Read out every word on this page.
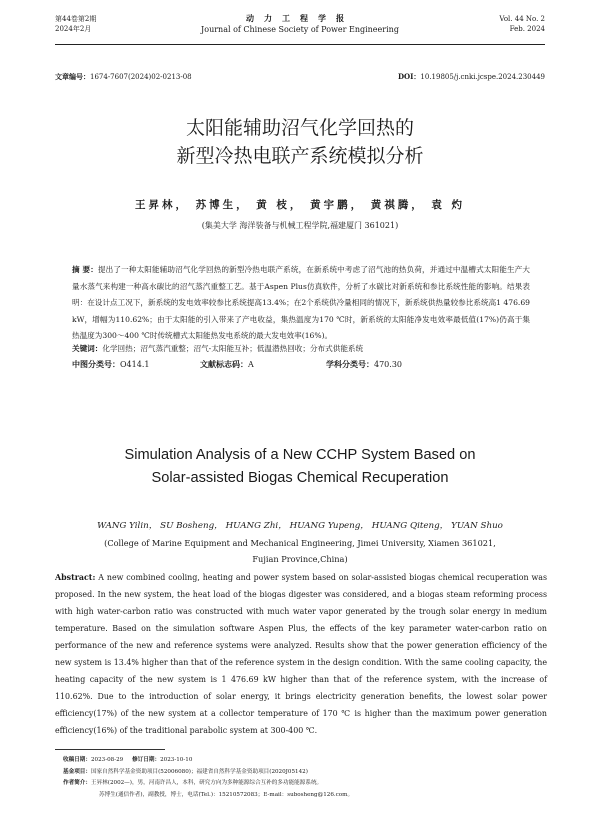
第44卷第2期
2024年2月
动力工程学报
Journal of Chinese Society of Power Engineering
Vol. 44 No. 2
Feb. 2024
文章编号：1674-7607(2024)02-0213-08	DOI：10.19805/j.cnki.jcspe.2024.230449
太阳能辅助沼气化学回热的
新型冷热电联产系统模拟分析
王昇林， 苏博生， 黄 枝， 黄宇鹏， 黄祺腾， 袁 灼
(集美大学 海洋装备与机械工程学院,福建厦门 361021)
摘 要：提出了一种太阳能辅助沼气化学回热的新型冷热电联产系统，在新系统中考虑了沼气池的热负荷，并通过中温槽式太阳能生产大量水蒸气来构建一种高水碳比的沼气蒸汽重整工艺。基于Aspen Plus仿真软件，分析了水碳比对新系统和参比系统性能的影响。结果表明：在设计点工况下，新系统的发电效率较参比系统提高13.4%；在2个系统供冷量相同的情况下，新系统供热量较参比系统高1 476.69 kW，增幅为110.62%；由于太阳能的引入带来了产电收益，集热温度为170 ℃时，新系统的太阳能净发电效率最低值(17%)仍高于集热温度为300～400 ℃时传统槽式太阳能热发电系统的最大发电效率(16%)。
关键词：化学回热；沼气蒸汽重整；沼气-太阳能互补；低温潜热回收；分布式供能系统
中图分类号：O414.1	文献标志码：A	学科分类号：470.30
Simulation Analysis of a New CCHP System Based on
Solar-assisted Biogas Chemical Recuperation
WANG Yilin， SU Bosheng， HUANG Zhi， HUANG Yupeng， HUANG Qiteng， YUAN Shuo
(College of Marine Equipment and Mechanical Engineering, Jimei University, Xiamen 361021,
Fujian Province,China)
Abstract: A new combined cooling, heating and power system based on solar-assisted biogas chemical recuperation was proposed. In the new system, the heat load of the biogas digester was considered, and a biogas steam reforming process with high water-carbon ratio was constructed with much water vapor generated by the trough solar energy in medium temperature. Based on the simulation software Aspen Plus, the effects of the key parameter water-carbon ratio on performance of the new and reference systems were analyzed. Results show that the power generation efficiency of the new system is 13.4% higher than that of the reference system in the design condition. With the same cooling capacity, the heating capacity of the new system is 1 476.69 kW higher than that of the reference system, with the increase of 110.62%. Due to the introduction of solar energy, it brings electricity generation benefits, the lowest solar power efficiency(17%) of the new system at a collector temperature of 170 ℃ is higher than the maximum power generation efficiency(16%) of the traditional parabolic system at 300-400 ℃.
收稿日期：2023-08-29 修订日期：2023-10-10
基金项目：国家自然科学基金资助项目(52006080)；福建省自然科学基金资助项目(2020J05142)
作者简介：王昇林(2002—)，男，河南许昌人，本科，研究方向为多种能源综合互补的多功能能源系统。
苏博生(通信作者)，副教授，博士，电话(Tel.)：15210572083；E-mail：subosheng@126.com。
